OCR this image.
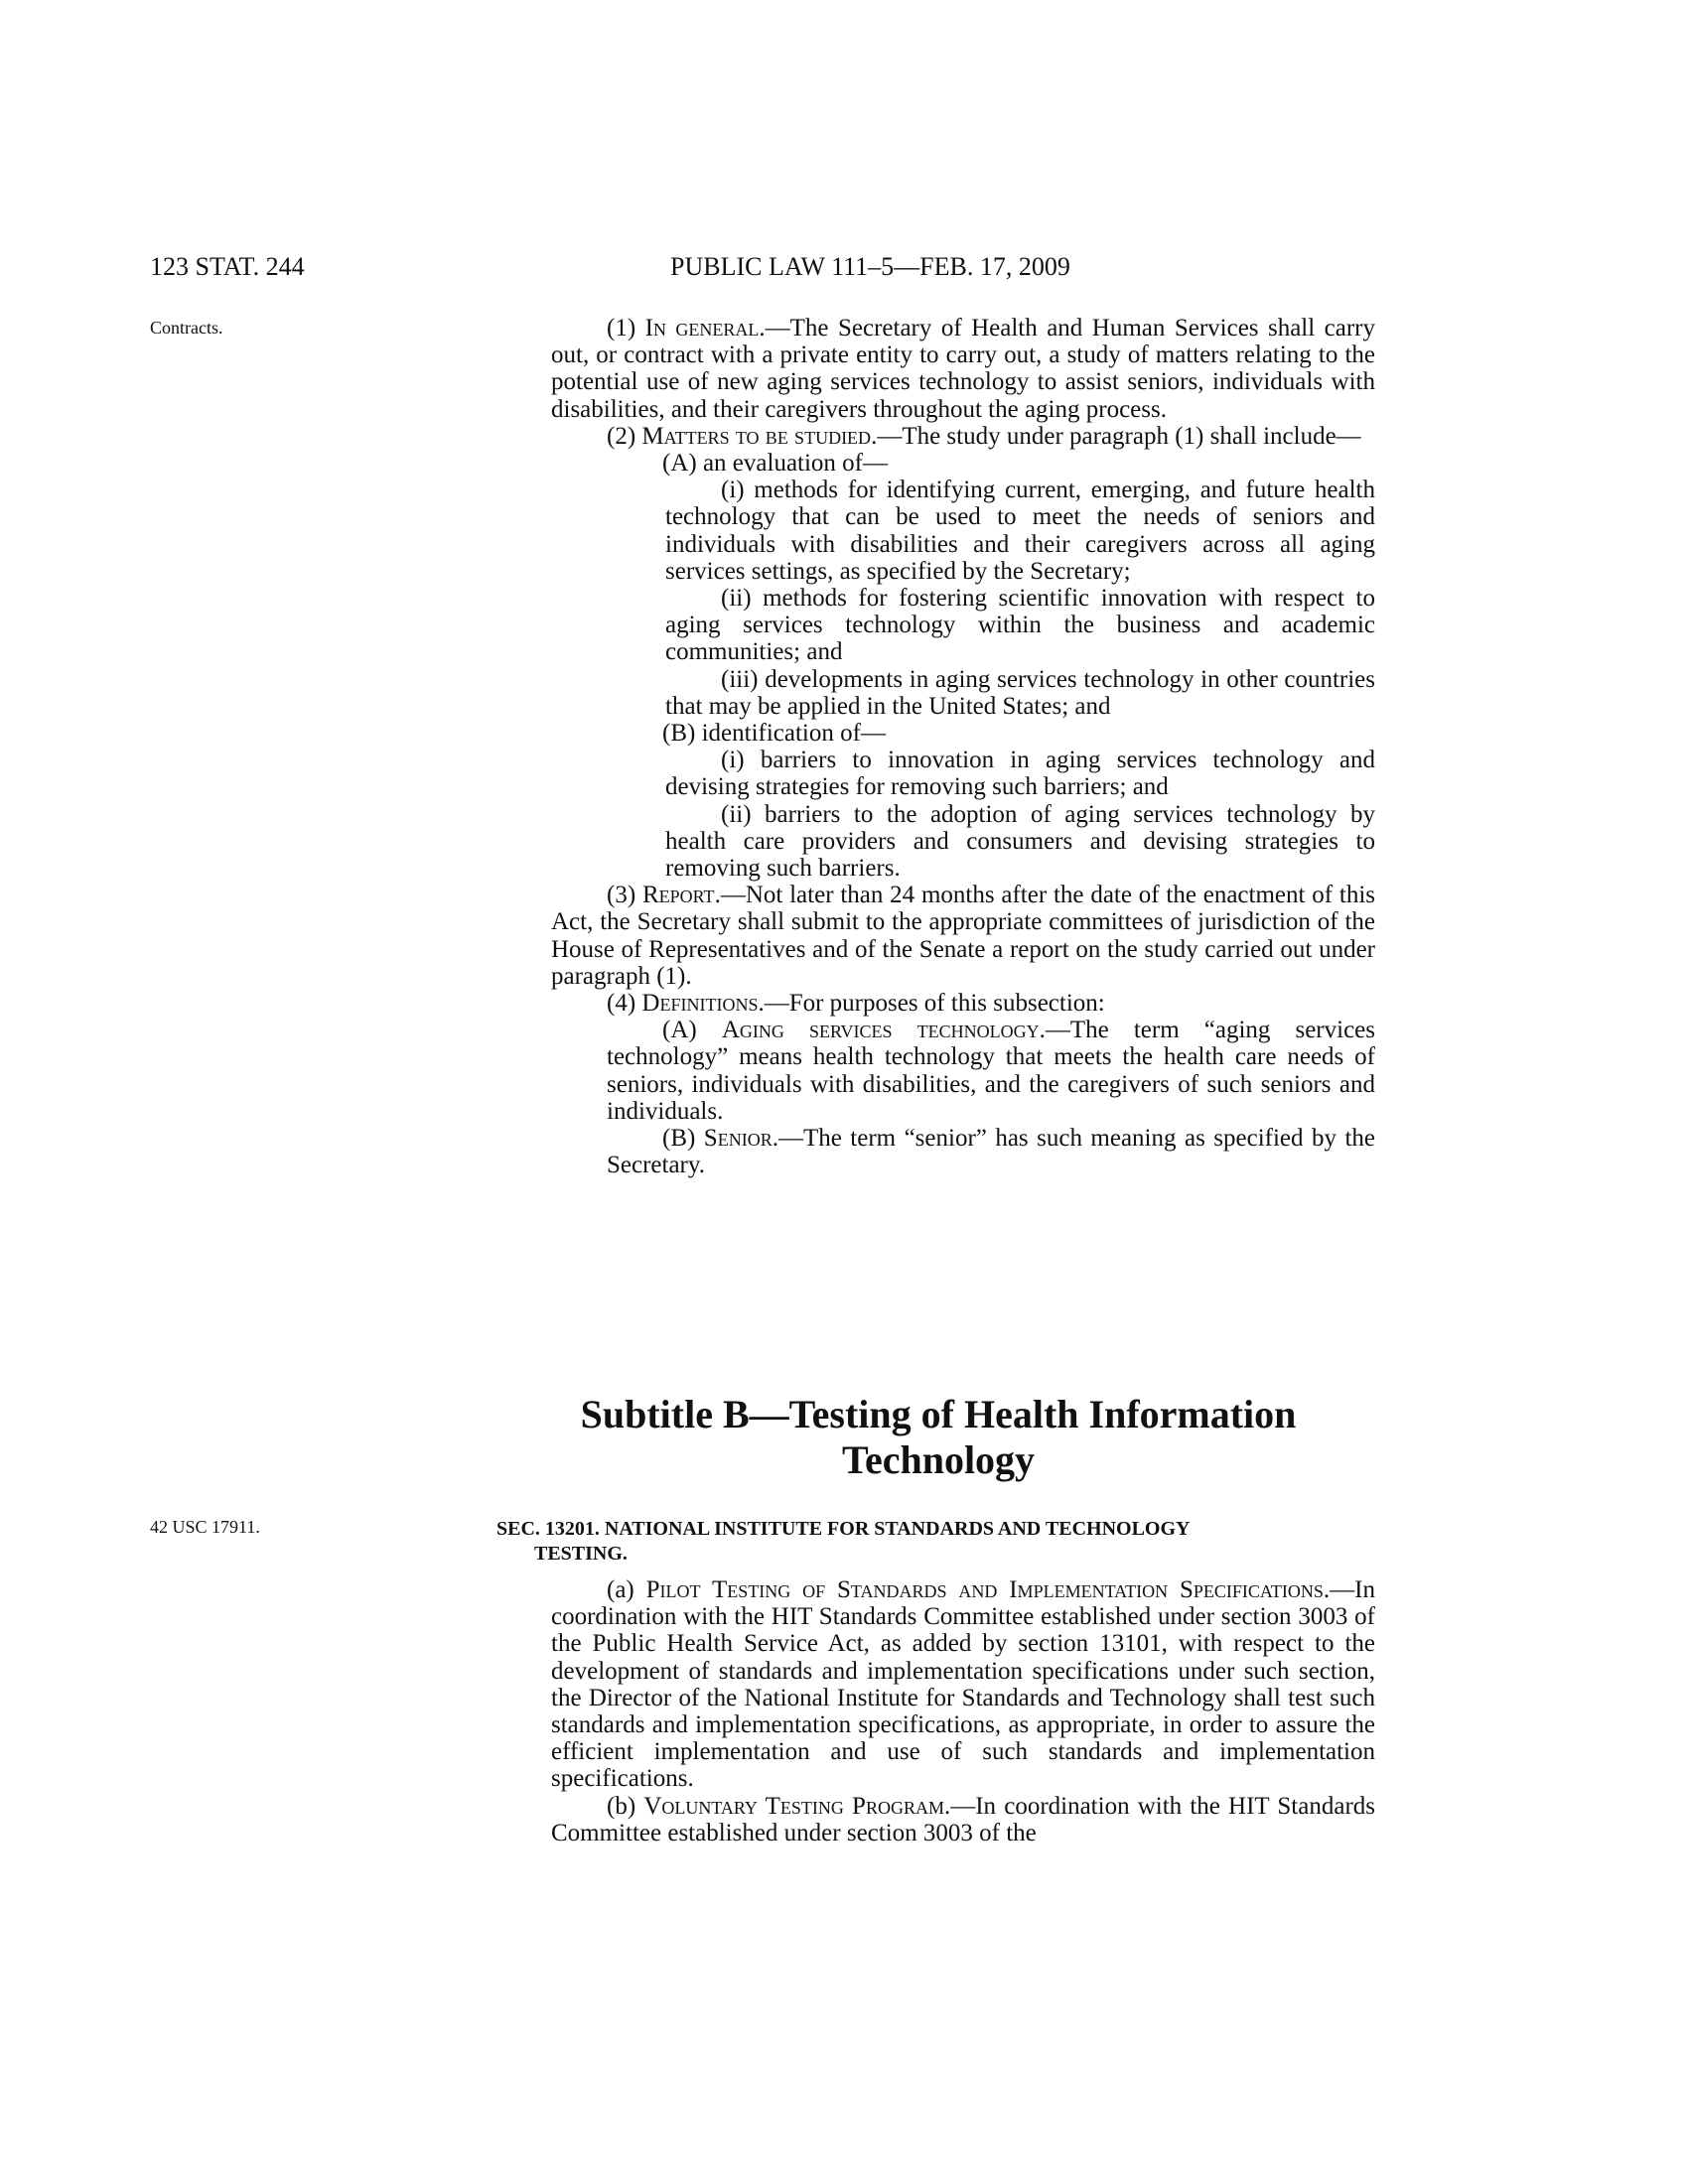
123 STAT. 244	PUBLIC LAW 111–5—FEB. 17, 2009
Contracts.
42 USC 17911.

(1) In general.—The Secretary of Health and Human Services shall carry out, or contract with a private entity to carry out, a study of matters relating to the potential use of new aging services technology to assist seniors, individuals with disabilities, and their caregivers throughout the aging process.

(2) Matters to be studied.—The study under paragraph (1) shall include—

(A) an evaluation of—

(i) methods for identifying current, emerging, and future health technology that can be used to meet the needs of seniors and individuals with disabilities and their caregivers across all aging services settings, as specified by the Secretary;

(ii) methods for fostering scientific innovation with respect to aging services technology within the business and academic communities; and

(iii) developments in aging services technology in other countries that may be applied in the United States; and

(B) identification of—

(i) barriers to innovation in aging services technology and devising strategies for removing such barriers; and

(ii) barriers to the adoption of aging services technology by health care providers and consumers and devising strategies to removing such barriers.

(3) Report.—Not later than 24 months after the date of the enactment of this Act, the Secretary shall submit to the appropriate committees of jurisdiction of the House of Representatives and of the Senate a report on the study carried out under paragraph (1).

(4) Definitions.—For purposes of this subsection:

(A) Aging services technology.—The term “aging services technology” means health technology that meets the health care needs of seniors, individuals with disabilities, and the caregivers of such seniors and individuals.

(B) Senior.—The term “senior” has such meaning as specified by the Secretary.

Subtitle B—Testing of Health Information Technology
SEC. 13201. NATIONAL INSTITUTE FOR STANDARDS AND TECHNOLOGY
TESTING.

(a) Pilot Testing of Standards and Implementation Specifications.—In coordination with the HIT Standards Committee established under section 3003 of the Public Health Service Act, as added by section 13101, with respect to the development of standards and implementation specifications under such section, the Director of the National Institute for Standards and Technology shall test such standards and implementation specifications, as appropriate, in order to assure the efficient implementation and use of such standards and implementation specifications.

(b) Voluntary Testing Program.—In coordination with the HIT Standards Committee established under section 3003 of the
